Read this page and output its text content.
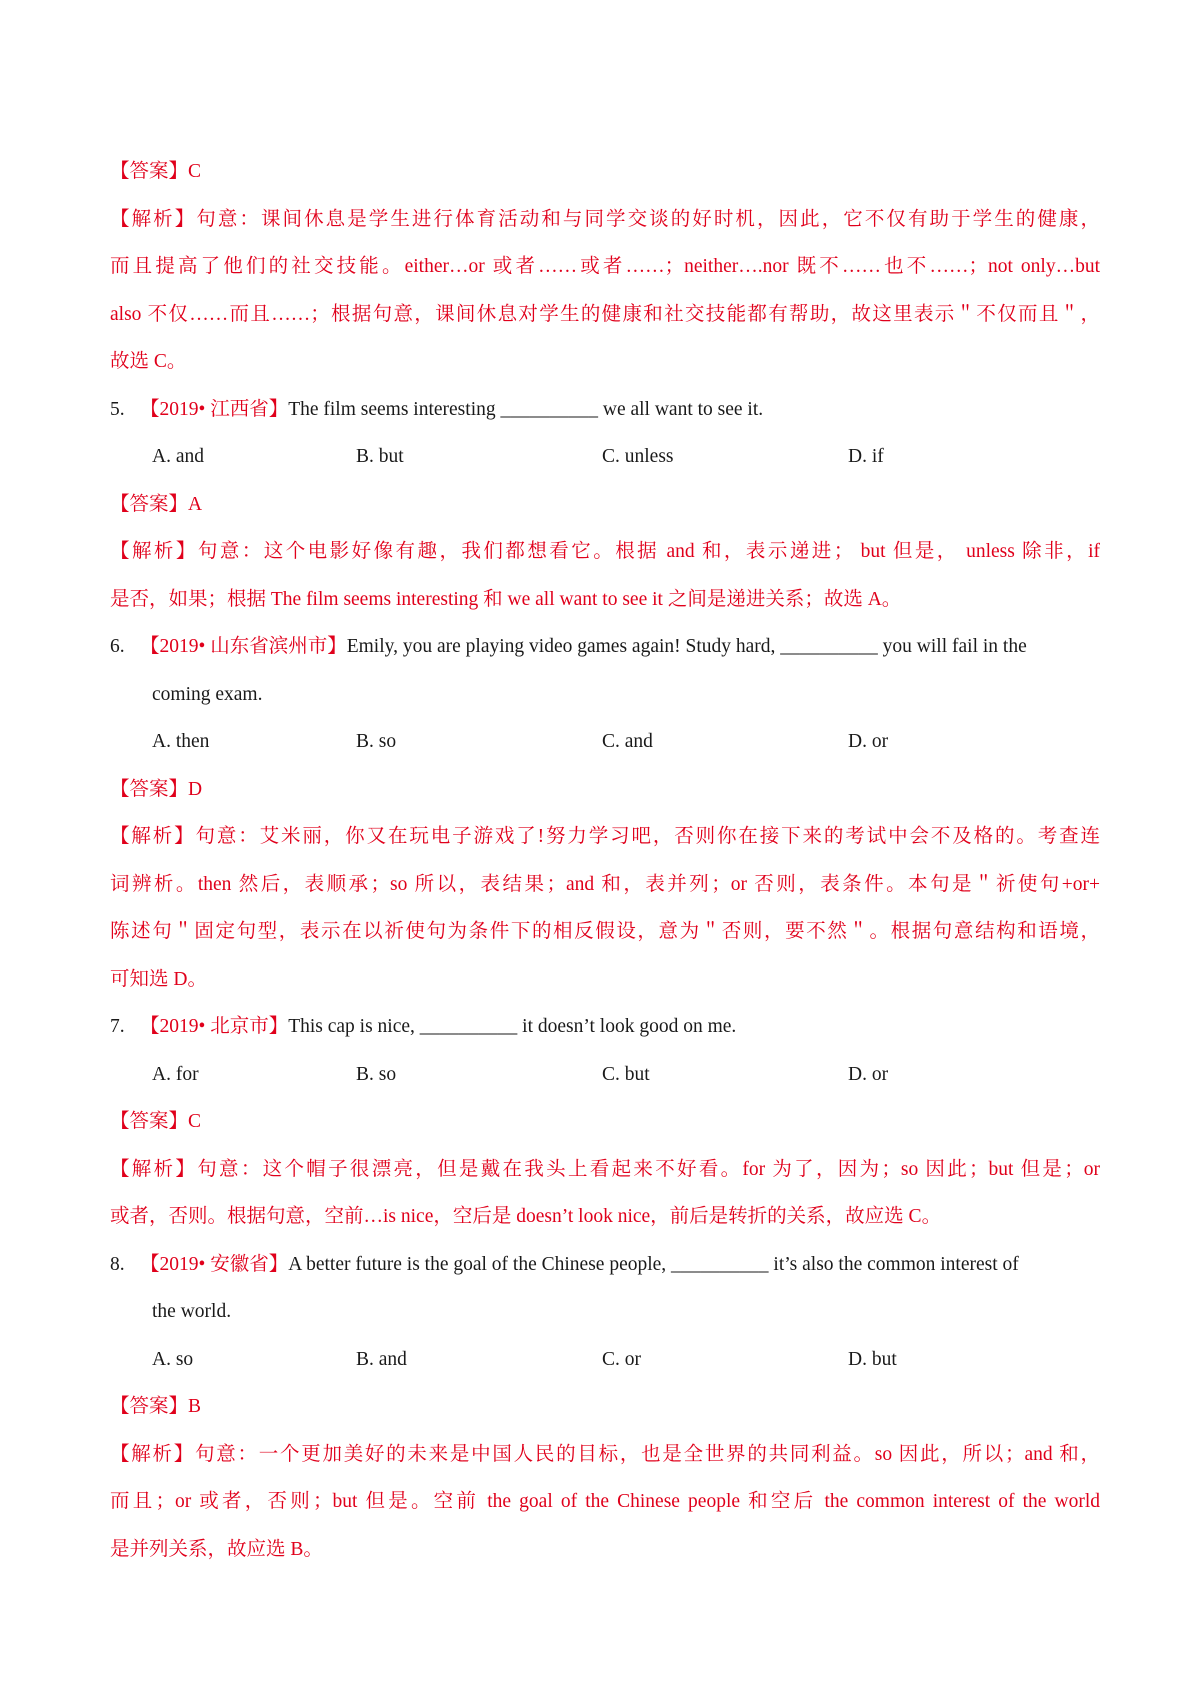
【答案】C
【解析】句意：课间休息是学生进行体育活动和与同学交谈的好时机，因此，它不仅有助于学生的健康，
而且提高了他们的社交技能。either…or 或者……或者……；neither….nor 既不……也不……；not only…but
also 不仅……而且……；根据句意，课间休息对学生的健康和社交技能都有帮助，故这里表示＂不仅而且＂，
故选 C。
5. 【2019• 江西省】The film seems interesting __________ we all want to see it.
A. and	B. but	C. unless	D. if
【答案】A
【解析】句意：这个电影好像有趣，我们都想看它。根据 and 和，表示递进； but 但是， unless 除非，if
是否，如果；根据 The film seems interesting 和 we all want to see it 之间是递进关系；故选 A。
6. 【2019• 山东省滨州市】Emily, you are playing video games again! Study hard, __________ you will fail in the
coming exam.
A. then	B. so	C. and	D. or
【答案】D
【解析】句意：艾米丽，你又在玩电子游戏了!努力学习吧，否则你在接下来的考试中会不及格的。考查连
词辨析。then 然后，表顺承；so 所以，表结果；and 和，表并列；or 否则，表条件。本句是＂祈使句+or+
陈述句＂固定句型，表示在以祈使句为条件下的相反假设，意为＂否则，要不然＂。根据句意结构和语境，
可知选 D。
7. 【2019• 北京市】This cap is nice, __________ it doesn’t look good on me.
A. for	B. so	C. but	D. or
【答案】C
【解析】句意：这个帽子很漂亮，但是戴在我头上看起来不好看。for 为了，因为；so 因此；but 但是；or
或者，否则。根据句意，空前…is nice，空后是 doesn’t look nice，前后是转折的关系，故应选 C。
8. 【2019• 安徽省】A better future is the goal of the Chinese people, __________ it’s also the common interest of
the world.
A. so	B. and	C. or	D. but
【答案】B
【解析】句意：一个更加美好的未来是中国人民的目标，也是全世界的共同利益。so 因此，所以；and 和，
而且；or 或者，否则；but 但是。空前 the goal of the Chinese people 和空后 the common interest of the world
是并列关系，故应选 B。
